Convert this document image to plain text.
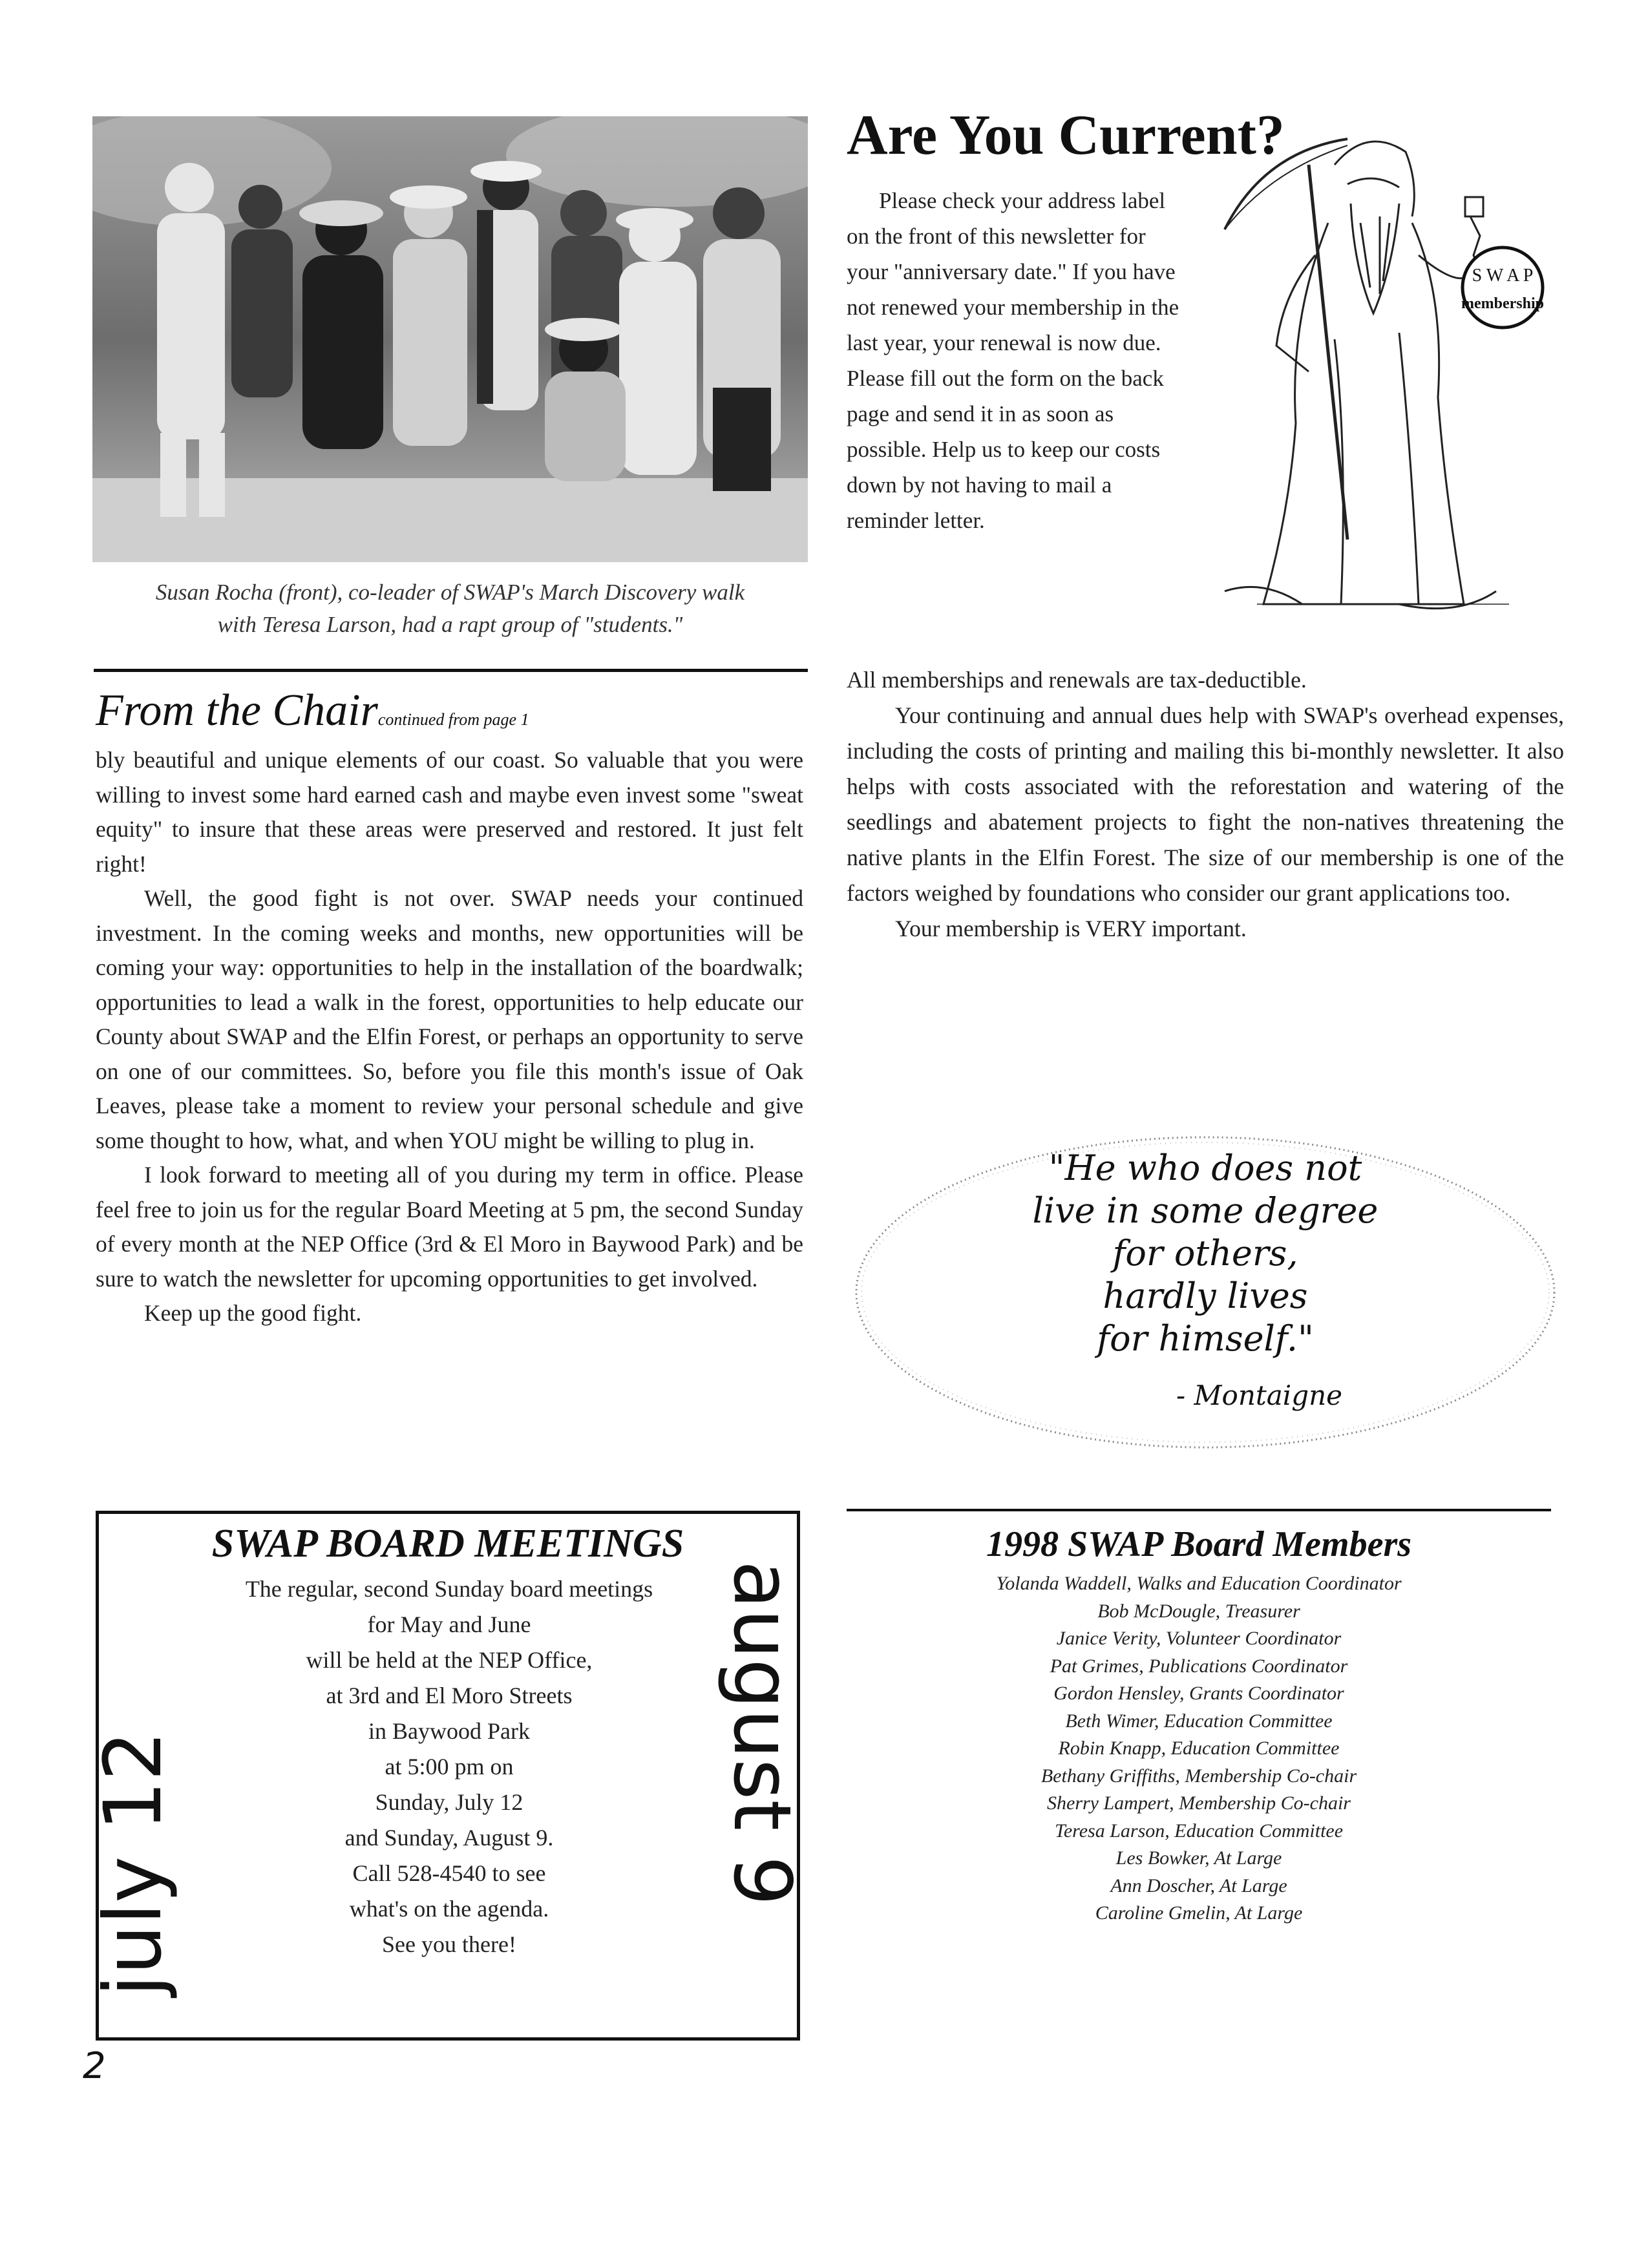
Susan Rocha (front), co-leader of SWAP's March Discovery walk
with Teresa Larson, had a rapt group of "students."
From the Chaircontinued from page 1

bly beautiful and unique elements of our coast. So valuable that you were willing to invest some hard earned cash and maybe even invest some "sweat equity" to insure that these areas were preserved and restored. It just felt right!

Well, the good fight is not over. SWAP needs your continued investment. In the coming weeks and months, new opportunities will be coming your way: opportunities to help in the installation of the boardwalk; opportunities to lead a walk in the forest, opportunities to help educate our County about SWAP and the Elfin Forest, or perhaps an opportunity to serve on one of our committees. So, before you file this month's issue of Oak Leaves, please take a moment to review your personal schedule and give some thought to how, what, and when YOU might be willing to plug in.

I look forward to meeting all of you during my term in office. Please feel free to join us for the regular Board Meeting at 5 pm, the second Sunday of every month at the NEP Office (3rd & El Moro in Baywood Park) and be sure to watch the newsletter for upcoming opportunities to get involved.

Keep up the good fight.

Are You Current?

Please check your address label on the front of this newsletter for your "anniversary date." If you have not renewed your membership in the last year, your renewal is now due. Please fill out the form on the back page and send it in as soon as possible. Help us to keep our costs down by not having to mail a reminder letter.

S W A P
membership

All memberships and renewals are tax-deductible.

Your continuing and annual dues help with SWAP's overhead expenses, including the costs of printing and mailing this bi-monthly newsletter. It also helps with costs associated with the reforestation and watering of the seedlings and abatement projects to fight the non-natives threatening the native plants in the Elfin Forest. The size of our membership is one of the factors weighed by foundations who consider our grant applications too.

Your membership is VERY important.

"He who does not
live in some degree
for others,
hardly lives
for himself."
- Montaigne
SWAP BOARD MEETINGS
The regular, second Sunday board meetings
for May and June
will be held at the NEP Office,
at 3rd and El Moro Streets
in Baywood Park
at 5:00 pm on
Sunday, July 12
and Sunday, August 9.
Call 528-4540 to see
what's on the agenda.
See you there!
july 12	august 9
1998 SWAP Board Members
Yolanda Waddell, Walks and Education Coordinator
Bob McDougle, Treasurer
Janice Verity, Volunteer Coordinator
Pat Grimes, Publications Coordinator
Gordon Hensley, Grants Coordinator
Beth Wimer, Education Committee
Robin Knapp, Education Committee
Bethany Griffiths, Membership Co-chair
Sherry Lampert, Membership Co-chair
Teresa Larson, Education Committee
Les Bowker, At Large
Ann Doscher, At Large
Caroline Gmelin, At Large
2
